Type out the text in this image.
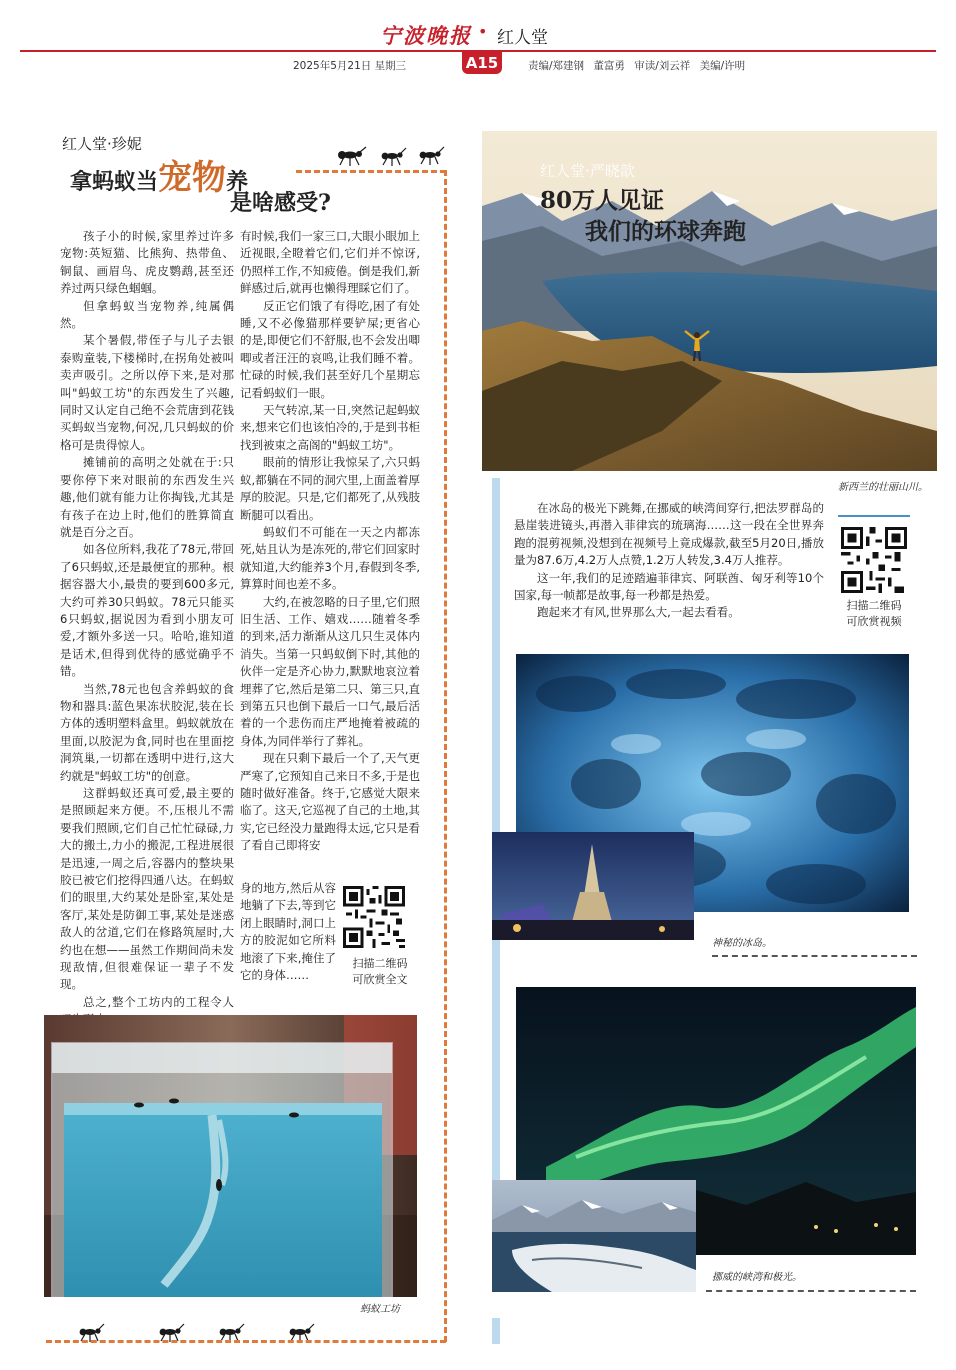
宁波晚报 • 红人堂
2025年5月21日 星期三	A15	责编/郑建钢 董富勇 审读/刘云祥 美编/许明
红人堂·珍妮
拿蚂蚁当宠物养
是啥感受?

孩子小的时候,家里养过许多宠物:英短猫、比熊狗、热带鱼、铜鼠、画眉鸟、虎皮鹦鹉,甚至还养过两只绿色蝈蝈。

但拿蚂蚁当宠物养,纯属偶然。

某个暑假,带侄子与儿子去银泰购童装,下楼梯时,在拐角处被叫卖声吸引。之所以停下来,是对那叫"蚂蚁工坊"的东西发生了兴趣,同时又认定自己绝不会荒唐到花钱买蚂蚁当宠物,何况,几只蚂蚁的价格可是贵得惊人。

摊铺前的高明之处就在于:只要你停下来对眼前的东西发生兴趣,他们就有能力让你掏钱,尤其是有孩子在边上时,他们的胜算简直就是百分之百。

如各位所料,我花了78元,带回了6只蚂蚁,还是最便宜的那种。根据容器大小,最贵的要到600多元,大约可养30只蚂蚁。78元只能买6只蚂蚁,据说因为看到小朋友可爱,才额外多送一只。哈哈,谁知道是话术,但得到优待的感觉确乎不错。

当然,78元也包含养蚂蚁的食物和器具:蓝色果冻状胶泥,装在长方体的透明塑料盒里。蚂蚁就放在里面,以胶泥为食,同时也在里面挖洞筑巢,一切都在透明中进行,这大约就是"蚂蚁工坊"的创意。

这群蚂蚁还真可爱,最主要的是照顾起来方便。不,压根儿不需要我们照顾,它们自己忙忙碌碌,力大的搬土,力小的搬泥,工程进展很是迅速,一周之后,容器内的整块果胶已被它们挖得四通八达。在蚂蚁们的眼里,大约某处是卧室,某处是客厅,某处是防御工事,某处是迷惑敌人的岔道,它们在修路筑屋时,大约也在想——虽然工作期间尚未发现敌情,但很难保证一辈子不发现。

总之,整个工坊内的工程令人

有时候,我们一家三口,大眼小眼加上近视眼,全瞪着它们,它们并不惊讶,仍照样工作,不知疲倦。倒是我们,新鲜感过后,就再也懒得理睬它们了。

反正它们饿了有得吃,困了有处睡,又不必像猫那样要铲屎;更省心的是,即便它们不舒服,也不会发出唧唧或者汪汪的哀鸣,让我们睡不着。忙碌的时候,我们甚至好几个星期忘记看蚂蚁们一眼。

天气转凉,某一日,突然记起蚂蚁来,想来它们也该怕冷的,于是到书柜找到被束之高阁的"蚂蚁工坊"。

眼前的情形让我惊呆了,六只蚂蚁,都躺在不同的洞穴里,上面盖着厚厚的胶泥。只是,它们都死了,从残肢断腿可以看出。

蚂蚁们不可能在一天之内都冻死,姑且认为是冻死的,带它们回家时就知道,大约能养3个月,春假到冬季,算算时间也差不多。

大约,在被忽略的日子里,它们照旧生活、工作、嬉戏……随着冬季的到来,活力渐渐从这几只生灵体内消失。当第一只蚂蚁倒下时,其他的伙伴一定是齐心协力,默默地哀泣着埋葬了它,然后是第二只、第三只,直到第五只也倒下最后一口气,最后活着的一个悲伤而庄严地掩着被疏的身体,为同伴举行了葬礼。

现在只剩下最后一个了,天气更严寒了,它预知自己来日不多,于是也随时做好准备。终于,它感觉大限来临了。这天,它巡视了自己的土地,其实,它已经没力量跑得太远,它只是看了看自己即将安

身的地方,然后从容地躺了下去,等到它闭上眼睛时,洞口上方的胶泥如它所料地滚了下来,掩住了它的身体……

扫描二维码
可欣赏全文
蚂蚁工坊
红人堂·严晓歆
80万人见证
我们的环球奔跑
新西兰的壮丽山川。

在冰岛的极光下跳舞,在挪威的峡湾间穿行,把法罗群岛的悬崖装进镜头,再潜入菲律宾的琉璃海……这一段在全世界奔跑的混剪视频,没想到在视频号上竟成爆款,截至5月20日,播放量为87.6万,4.2万人点赞,1.2万人转发,3.4万人推荐。

这一年,我们的足迹踏遍菲律宾、阿联酋、匈牙利等10个国家,每一帧都是故事,每一秒都是热爱。

跑起来才有风,世界那么大,一起去看看。	扫描二维码
可欣赏视频
神秘的冰岛。
挪威的峡湾和极光。
